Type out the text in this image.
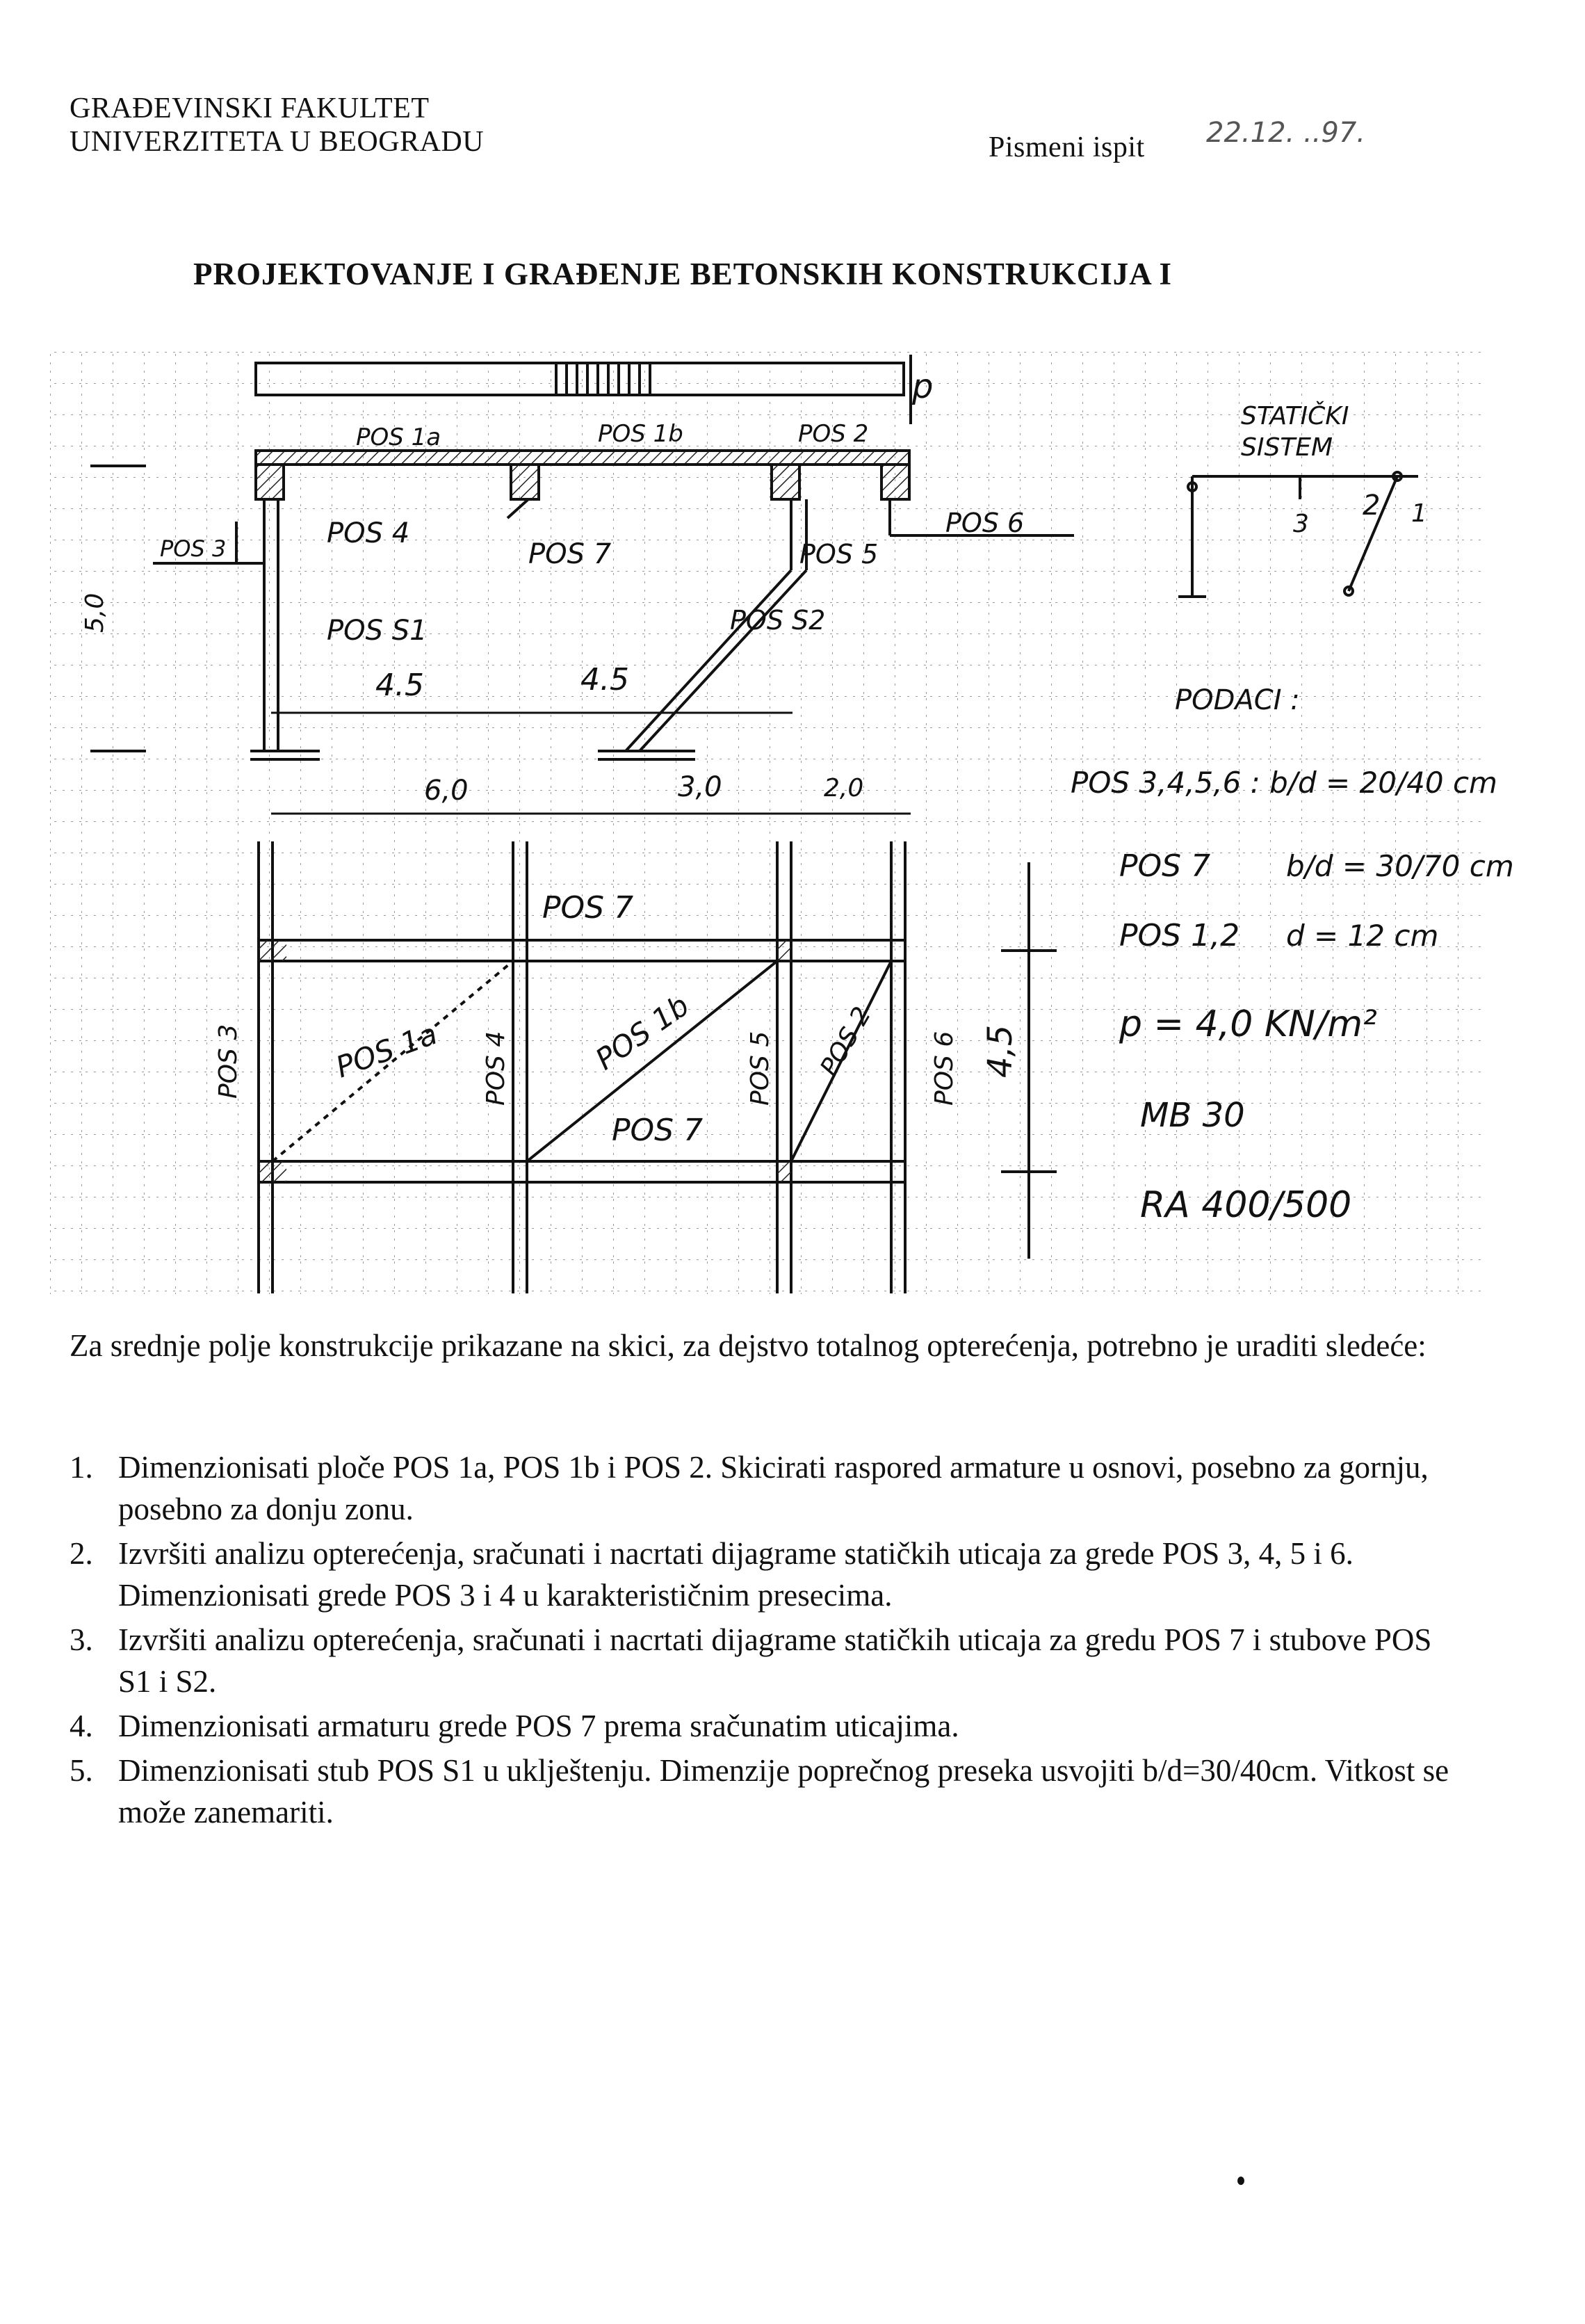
GRAĐEVINSKI FAKULTET
UNIVERZITETA U BEOGRADU	Pismeni ispit 22.12. ..97.
PROJEKTOVANJE I GRAĐENJE BETONSKIH KONSTRUKCIJA I
p
POS 1a	POS 1b	POS 2
POS 3	POS 4
POS 7	POS 5
POS 6
POS S1	POS S2
5,0
4.5	4.5
6,0	3,0	2,0
POS 7
POS 7
POS 1a	POS 1b	POS 2
POS 3	POS 4	POS 5	POS 6 4,5
STATIČKI
SISTEM
3
2 1
PODACI :
POS 3,4,5,6 : b/d = 20/40 cm
POS 7	b/d = 30/70 cm
POS 1,2 d = 12 cm
p = 4,0 KN/m²
MB 30
RA 400/500
Za srednje polje konstrukcije prikazane na skici, za dejstvo totalnog opterećenja, potrebno je uraditi sledeće:
1. Dimenzionisati ploče POS 1a, POS 1b i POS 2. Skicirati raspored armature u osnovi, posebno za gornju, posebno za donju zonu.
2. Izvršiti analizu opterećenja, sračunati i nacrtati dijagrame statičkih uticaja za grede POS 3, 4, 5 i 6. Dimenzionisati grede POS 3 i 4 u karakterističnim presecima.
3. Izvršiti analizu opterećenja, sračunati i nacrtati dijagrame statičkih uticaja za gredu POS 7 i stubove POS S1 i S2.
4. Dimenzionisati armaturu grede POS 7 prema sračunatim uticajima.
5. Dimenzionisati stub POS S1 u uklještenju. Dimenzije poprečnog preseka usvojiti b/d=30/40cm. Vitkost se može zanemariti.
